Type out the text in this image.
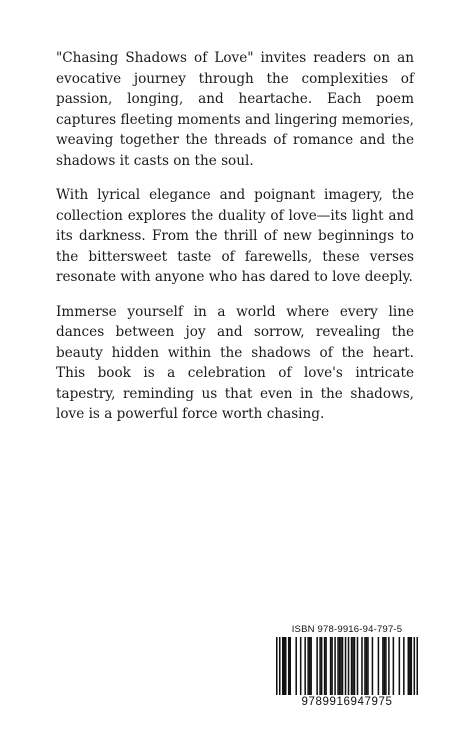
"Chasing Shadows of Love" invites readers on an evocative journey through the complexities of passion, longing, and heartache. Each poem captures fleeting moments and lingering memories, weaving together the threads of romance and the shadows it casts on the soul.

With lyrical elegance and poignant imagery, the collection explores the duality of love—its light and its darkness. From the thrill of new beginnings to the bittersweet taste of farewells, these verses resonate with anyone who has dared to love deeply.

Immerse yourself in a world where every line dances between joy and sorrow, revealing the beauty hidden within the shadows of the heart. This book is a celebration of love's intricate tapestry, reminding us that even in the shadows, love is a powerful force worth chasing.

ISBN 978-9916-94-797-5
9789916947975
